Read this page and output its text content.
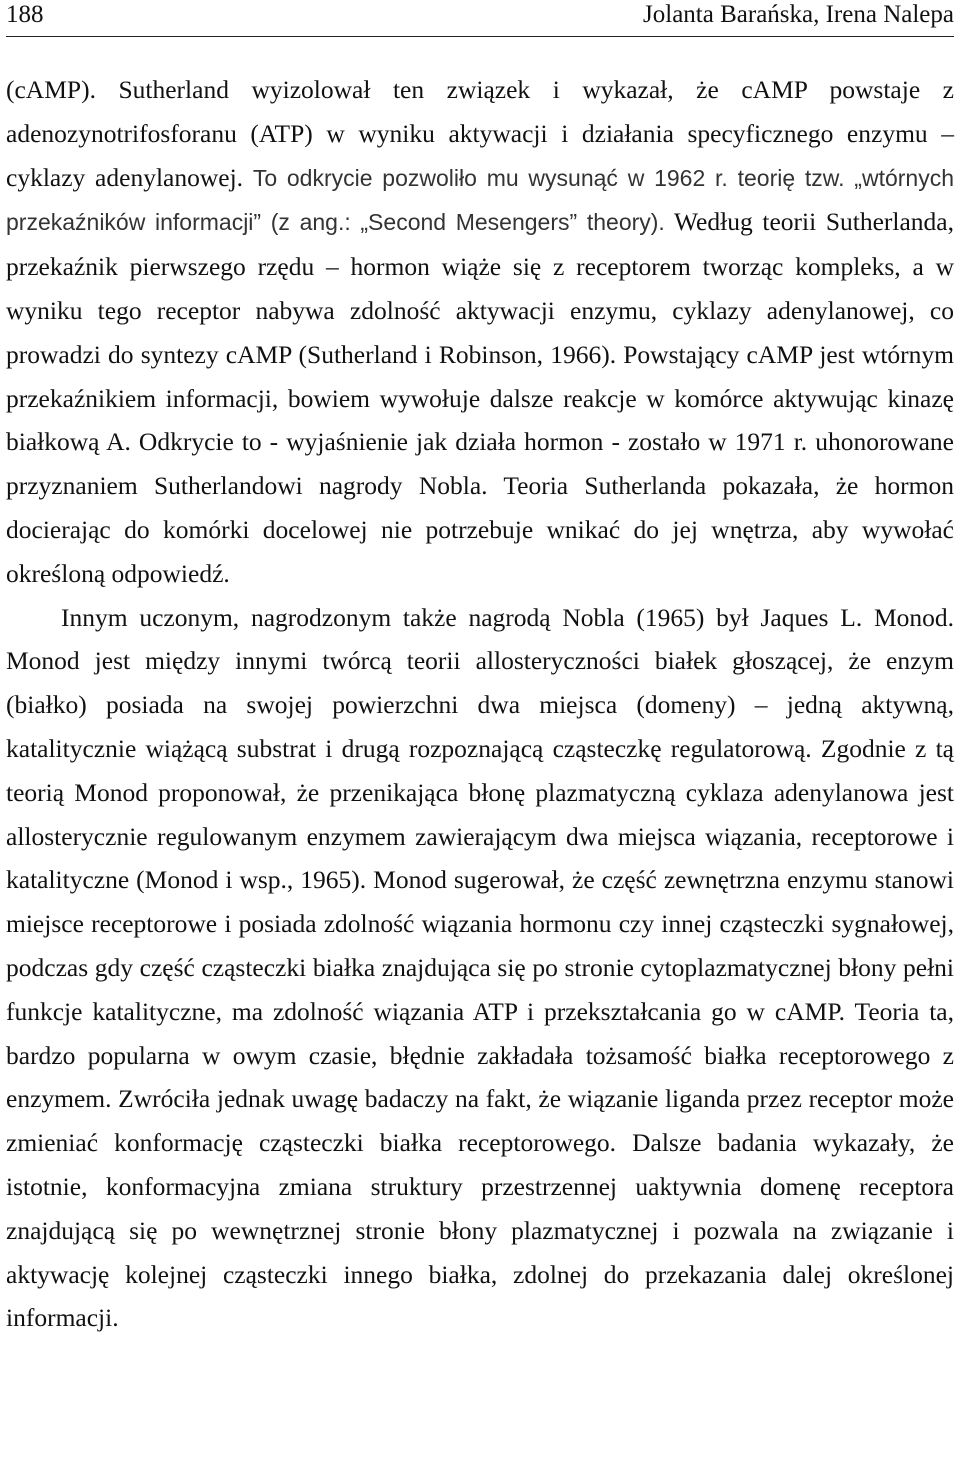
188	Jolanta Barańska, Irena Nalepa

(cAMP). Sutherland wyizolował ten związek i wykazał, że cAMP powstaje z adenozynotrifosforanu (ATP) w wyniku aktywacji i działania specyficznego enzymu – cyklazy adenylanowej. To odkrycie pozwoliło mu wysunąć w 1962 r. teorię tzw. „wtórnych przekaźników informacji” (z ang.: „Second Mesengers” theory). Według teorii Sutherlanda, przekaźnik pierwszego rzędu – hormon wiąże się z receptorem tworząc kompleks, a w wyniku tego receptor nabywa zdolność aktywacji enzymu, cyklazy adenylanowej, co prowadzi do syntezy cAMP (Sutherland i Robinson, 1966). Powstający cAMP jest wtórnym przekaźnikiem informacji, bowiem wywołuje dalsze reakcje w komórce aktywując kinazę białkową A. Odkrycie to - wyjaśnienie jak działa hormon - zostało w 1971 r. uhonorowane przyznaniem Sutherlandowi nagrody Nobla. Teoria Sutherlanda pokazała, że hormon docierając do komórki docelowej nie potrzebuje wnikać do jej wnętrza, aby wywołać określoną odpowiedź.

Innym uczonym, nagrodzonym także nagrodą Nobla (1965) był Jaques L. Monod. Monod jest między innymi twórcą teorii allosteryczności białek głoszącej, że enzym (białko) posiada na swojej powierzchni dwa miejsca (domeny) – jedną aktywną, katalitycznie wiążącą substrat i drugą rozpoznającą cząsteczkę regulatorową. Zgodnie z tą teorią Monod proponował, że przenikająca błonę plazmatyczną cyklaza adenylanowa jest allosterycznie regulowanym enzymem zawierającym dwa miejsca wiązania, receptorowe i katalityczne (Monod i wsp., 1965). Monod sugerował, że część zewnętrzna enzymu stanowi miejsce receptorowe i posiada zdolność wiązania hormonu czy innej cząsteczki sygnałowej, podczas gdy część cząsteczki białka znajdująca się po stronie cytoplazmatycznej błony pełni funkcje katalityczne, ma zdolność wiązania ATP i przekształcania go w cAMP. Teoria ta, bardzo popularna w owym czasie, błędnie zakładała tożsamość białka receptorowego z enzymem. Zwróciła jednak uwagę badaczy na fakt, że wiązanie liganda przez receptor może zmieniać konformację cząsteczki białka receptorowego. Dalsze badania wykazały, że istotnie, konformacyjna zmiana struktury przestrzennej uaktywnia domenę receptora znajdującą się po wewnętrznej stronie błony plazmatycznej i pozwala na związanie i aktywację kolejnej cząsteczki innego białka, zdolnej do przekazania dalej określonej informacji.
